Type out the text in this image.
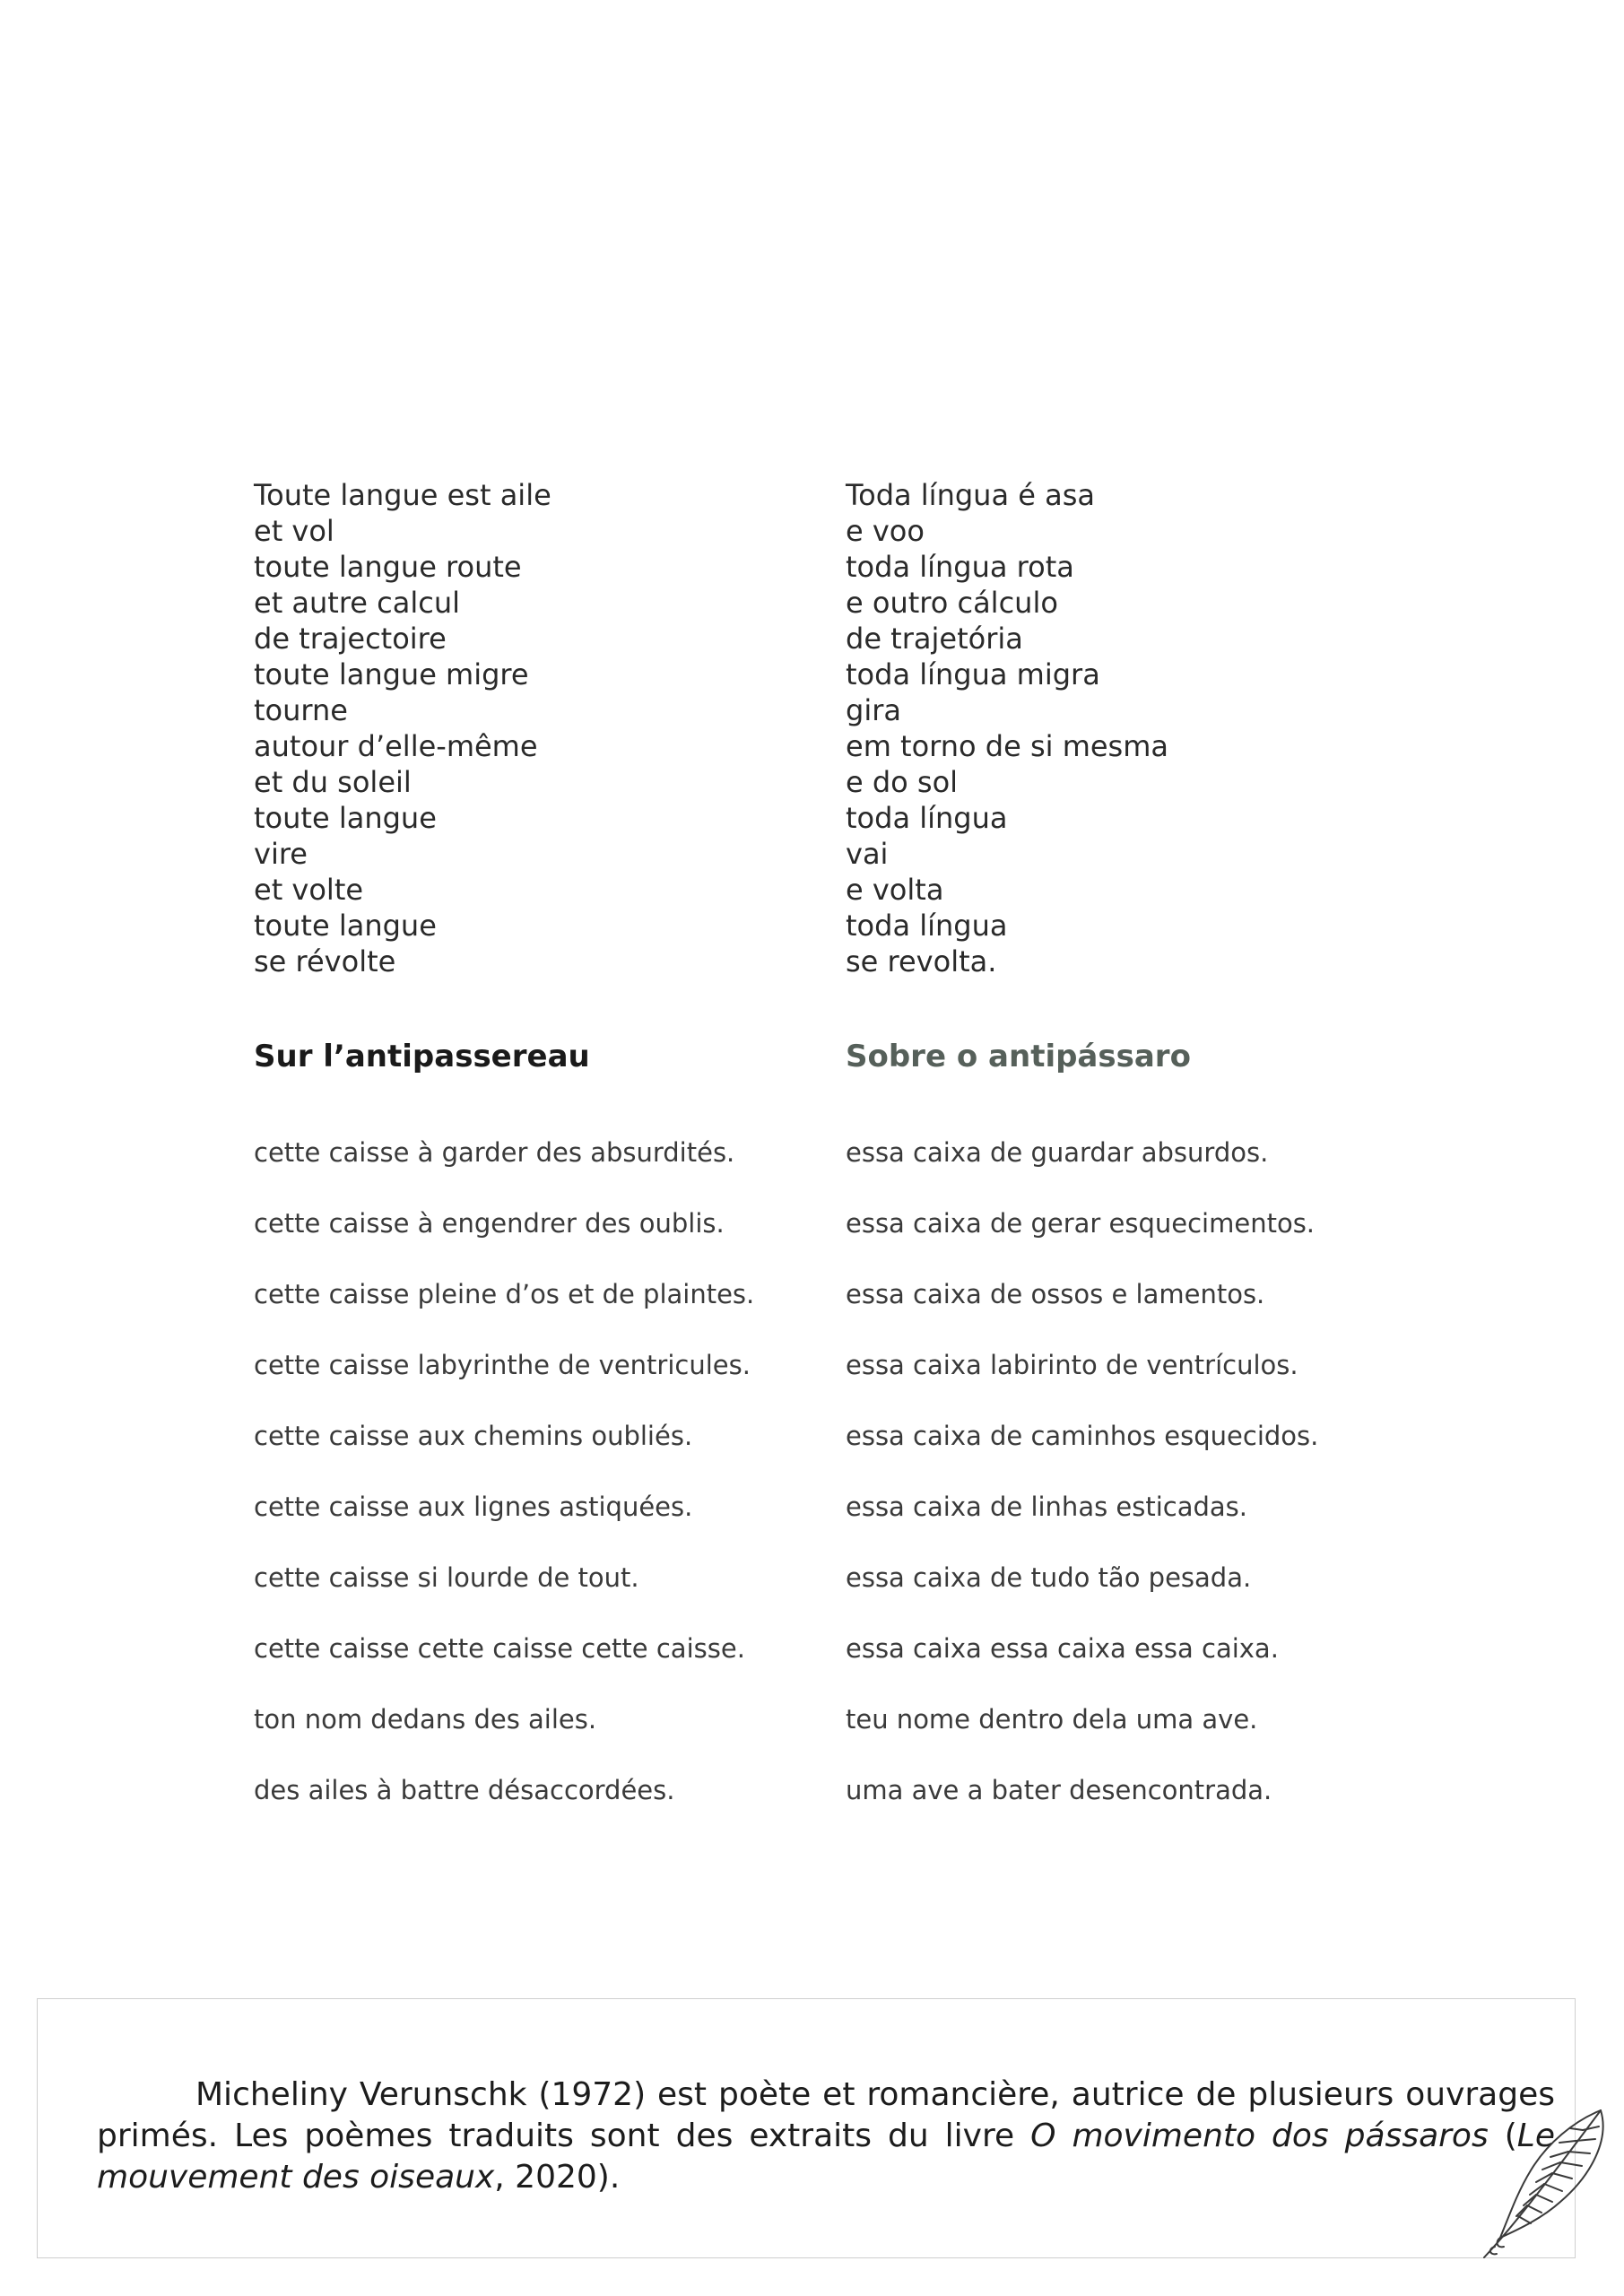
Toute langue est aile
et vol
toute langue route
et autre calcul
de trajectoire
toute langue migre
tourne
autour d’elle-même
et du soleil
toute langue
vire
et volte
toute langue
se révolte
Sur l’antipassereau
cette caisse à garder des absurdités.
cette caisse à engendrer des oublis.
cette caisse pleine d’os et de plaintes.
cette caisse labyrinthe de ventricules.
cette caisse aux chemins oubliés.
cette caisse aux lignes astiquées.
cette caisse si lourde de tout.
cette caisse cette caisse cette caisse.
ton nom dedans des ailes.
des ailes à battre désaccordées.
Toda língua é asa
e voo
toda língua rota
e outro cálculo
de trajetória
toda língua migra
gira
em torno de si mesma
e do sol
toda língua
vai
e volta
toda língua
se revolta.
Sobre o antipássaro
essa caixa de guardar absurdos.
essa caixa de gerar esquecimentos.
essa caixa de ossos e lamentos.
essa caixa labirinto de ventrículos.
essa caixa de caminhos esquecidos.
essa caixa de linhas esticadas.
essa caixa de tudo tão pesada.
essa caixa essa caixa essa caixa.
teu nome dentro dela uma ave.
uma ave a bater desencontrada.

Micheliny Verunschk (1972) est poète et romancière, autrice de plusieurs ouvrages primés. Les poèmes traduits sont des extraits du livre O movimento dos pássaros (Le mouvement des oiseaux, 2020).
